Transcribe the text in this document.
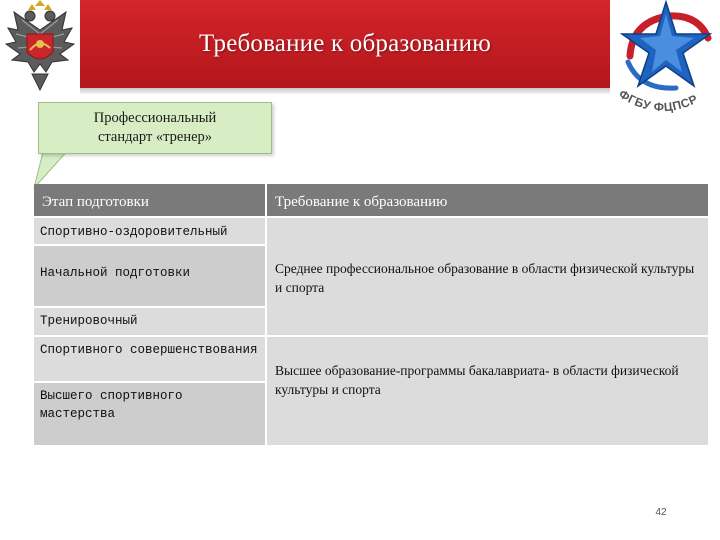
Требование к образованию
ФГБУ ФЦПСР
Профессиональный
стандарт «тренер»
Этап подготовки	Требование к образованию
Спортивно-оздоровительный
Начальной подготовки
Тренировочный
Спортивного совершенствования
Высшего спортивного мастерства
Среднее профессиональное образование в области физической культуры и спорта
Высшее образование-программы бакалавриата- в области физической культуры и спорта
42
